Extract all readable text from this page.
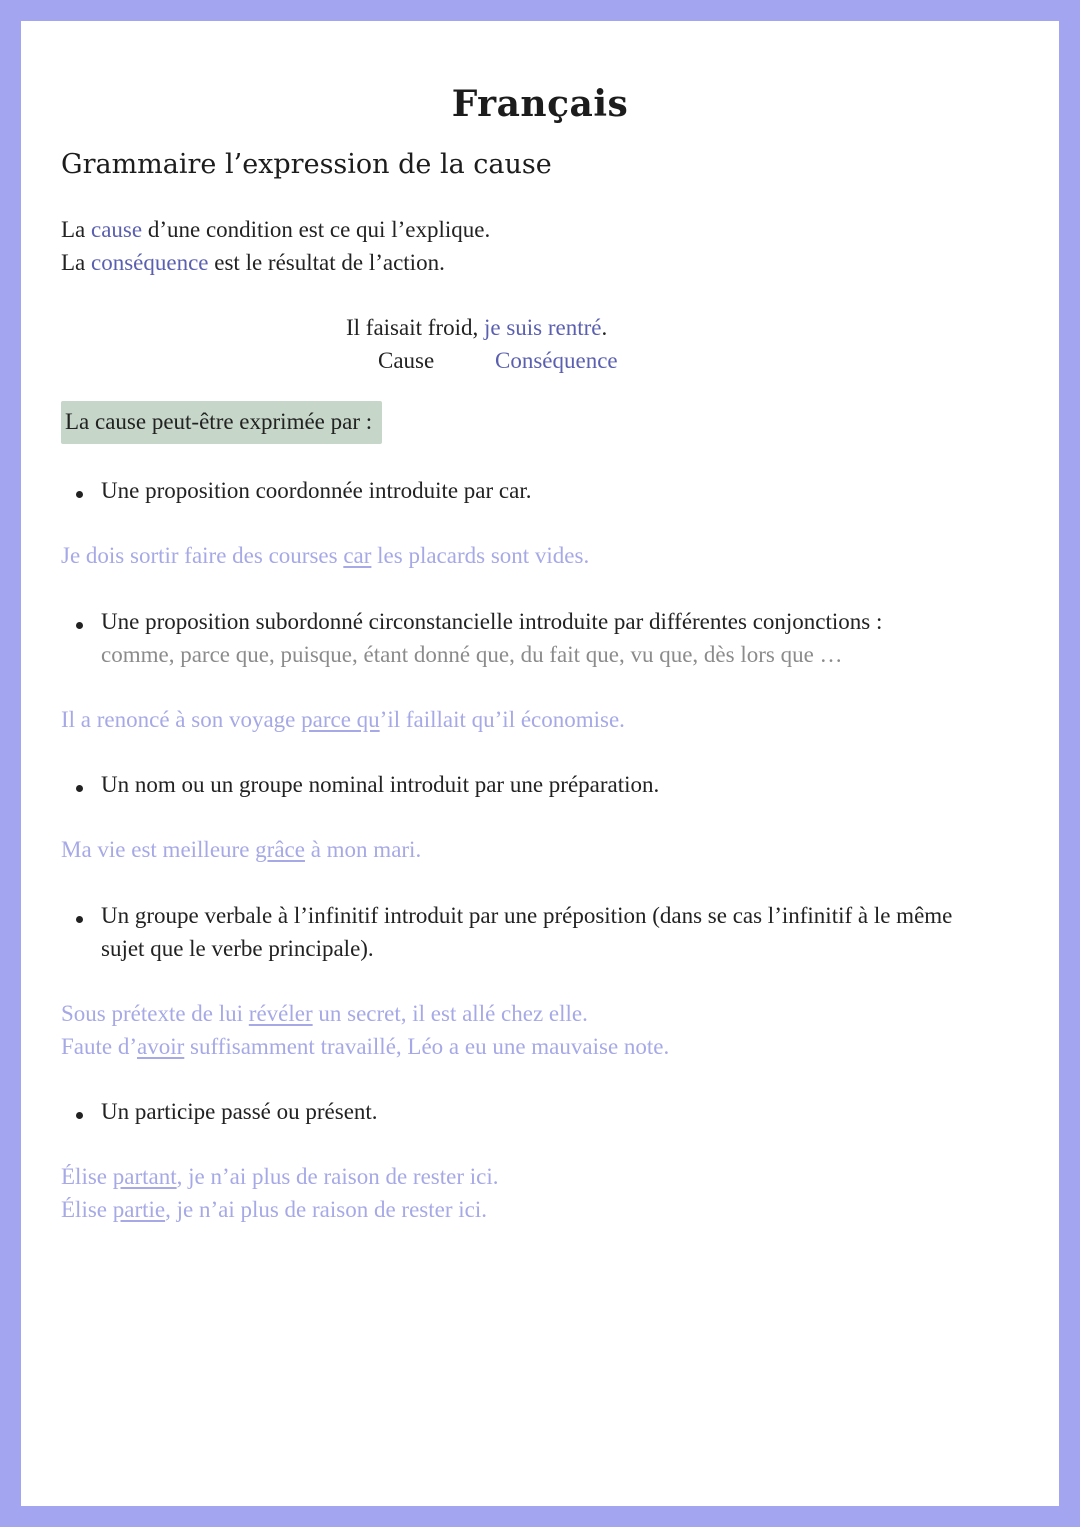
Français
Grammaire l’expression de la cause
La cause d’une condition est ce qui l’explique.
La conséquence est le résultat de l’action.
Il faisait froid, je suis rentré.
Cause	Conséquence
La cause peut-être exprimée par :
Une proposition coordonnée introduite par car.
Je dois sortir faire des courses car les placards sont vides.
Une proposition subordonné circonstancielle introduite par différentes conjonctions :
comme, parce que, puisque, étant donné que, du fait que, vu que, dès lors que …
Il a renoncé à son voyage parce qu’il faillait qu’il économise.
Un nom ou un groupe nominal introduit par une préparation.
Ma vie est meilleure grâce à mon mari.
Un groupe verbale à l’infinitif introduit par une préposition (dans se cas l’infinitif à le même
sujet que le verbe principale).
Sous prétexte de lui révéler un secret, il est allé chez elle.
Faute d’avoir suffisamment travaillé, Léo a eu une mauvaise note.
Un participe passé ou présent.
Élise partant, je n’ai plus de raison de rester ici.
Élise partie, je n’ai plus de raison de rester ici.
